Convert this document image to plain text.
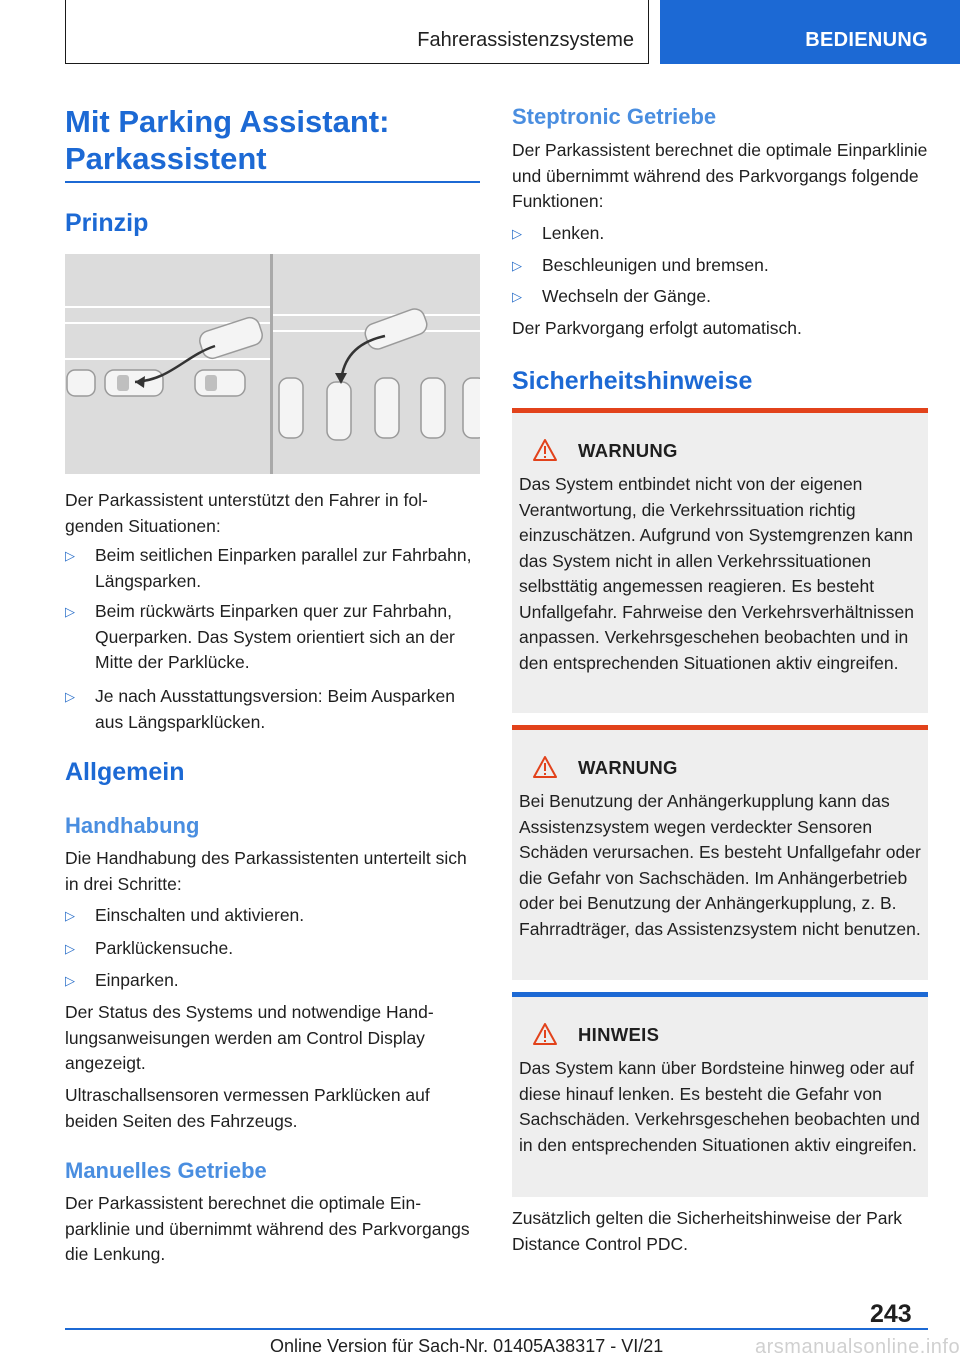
Fahrerassistenzsysteme	BEDIENUNG
Mit Parking Assistant: Parkassistent
Prinzip
Der Parkassistent unterstützt den Fahrer in folgenden Situationen:
▷	Beim seitlichen Einparken parallel zur Fahrbahn, Längsparken.
▷	Beim rückwärts Einparken quer zur Fahrbahn, Querparken. Das System orientiert sich an der Mitte der Parklücke.
▷	Je nach Ausstattungsversion: Beim Ausparken aus Längsparklücken.
Allgemein
Handhabung
Die Handhabung des Parkassistenten unterteilt sich in drei Schritte:
▷	Einschalten und aktivieren.
▷	Parklückensuche.
▷	Einparken.
Der Status des Systems und notwendige Handlungsanweisungen werden am Control Display angezeigt.
Ultraschallsensoren vermessen Parklücken auf beiden Seiten des Fahrzeugs.
Manuelles Getriebe
Der Parkassistent berechnet die optimale Einparklinie und übernimmt während des Parkvorgangs die Lenkung.
Steptronic Getriebe
Der Parkassistent berechnet die optimale Einparklinie und übernimmt während des Parkvorgangs folgende Funktionen:
▷	Lenken.
▷	Beschleunigen und bremsen.
▷	Wechseln der Gänge.
Der Parkvorgang erfolgt automatisch.
Sicherheitshinweise
WARNUNG
Das System entbindet nicht von der eigenen Verantwortung, die Verkehrssituation richtig einzuschätzen. Aufgrund von Systemgrenzen kann das System nicht in allen Verkehrssituationen selbsttätig angemessen reagieren. Es besteht Unfallgefahr. Fahrweise den Verkehrsverhältnissen anpassen. Verkehrsgeschehen beobachten und in den entsprechenden Situationen aktiv eingreifen.
WARNUNG
Bei Benutzung der Anhängerkupplung kann das Assistenzsystem wegen verdeckter Sensoren Schäden verursachen. Es besteht Unfallgefahr oder die Gefahr von Sachschäden. Im Anhängerbetrieb oder bei Benutzung der Anhängerkupplung, z. B. Fahrradträger, das Assistenzsystem nicht benutzen.
HINWEIS
Das System kann über Bordsteine hinweg oder auf diese hinauf lenken. Es besteht die Gefahr von Sachschäden. Verkehrsgeschehen beobachten und in den entsprechenden Situationen aktiv eingreifen.
Zusätzlich gelten die Sicherheitshinweise der Park Distance Control PDC.
243
Online Version für Sach-Nr. 01405A38317 - VI/21	arsmanualsonline.info
